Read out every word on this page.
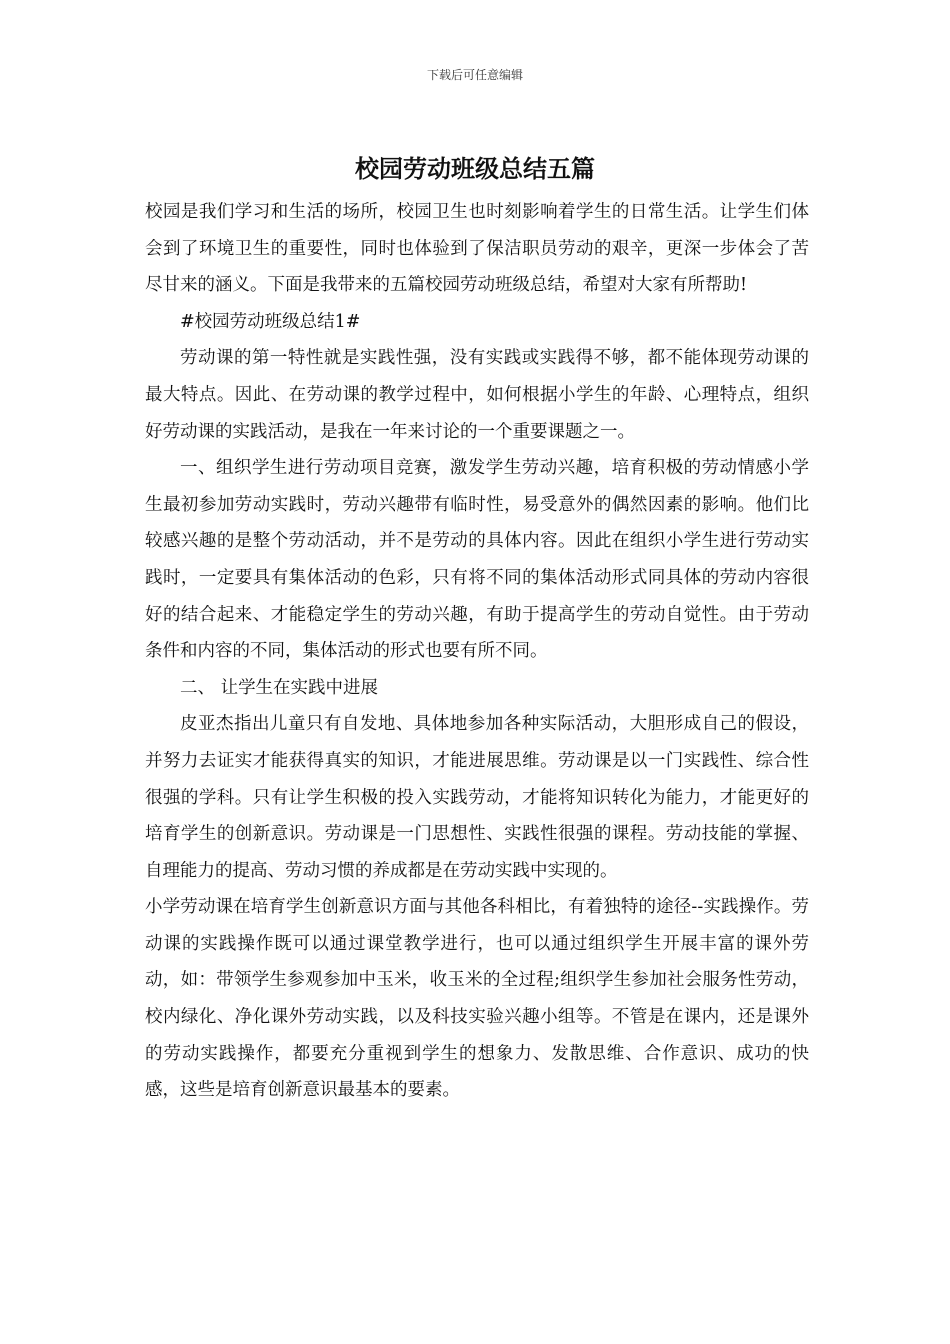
下载后可任意编辑
校园劳动班级总结五篇

校园是我们学习和生活的场所，校园卫生也时刻影响着学生的日常生活。让学生们体会到了环境卫生的重要性，同时也体验到了保洁职员劳动的艰辛，更深一步体会了苦尽甘来的涵义。下面是我带来的五篇校园劳动班级总结，希望对大家有所帮助!

#校园劳动班级总结1#

劳动课的第一特性就是实践性强，没有实践或实践得不够，都不能体现劳动课的最大特点。因此、在劳动课的教学过程中，如何根据小学生的年龄、心理特点，组织好劳动课的实践活动，是我在一年来讨论的一个重要课题之一。

一、组织学生进行劳动项目竞赛，激发学生劳动兴趣，培育积极的劳动情感小学生最初参加劳动实践时，劳动兴趣带有临时性，易受意外的偶然因素的影响。他们比较感兴趣的是整个劳动活动，并不是劳动的具体内容。因此在组织小学生进行劳动实践时，一定要具有集体活动的色彩，只有将不同的集体活动形式同具体的劳动内容很好的结合起来、才能稳定学生的劳动兴趣，有助于提高学生的劳动自觉性。由于劳动条件和内容的不同，集体活动的形式也要有所不同。

二、 让学生在实践中进展

皮亚杰指出儿童只有自发地、具体地参加各种实际活动，大胆形成自己的假设，并努力去证实才能获得真实的知识，才能进展思维。劳动课是以一门实践性、综合性很强的学科。只有让学生积极的投入实践劳动，才能将知识转化为能力，才能更好的培育学生的创新意识。劳动课是一门思想性、实践性很强的课程。劳动技能的掌握、自理能力的提高、劳动习惯的养成都是在劳动实践中实现的。

小学劳动课在培育学生创新意识方面与其他各科相比，有着独特的途径--实践操作。劳动课的实践操作既可以通过课堂教学进行，也可以通过组织学生开展丰富的课外劳动，如：带领学生参观参加中玉米，收玉米的全过程;组织学生参加社会服务性劳动，校内绿化、净化课外劳动实践，以及科技实验兴趣小组等。不管是在课内，还是课外的劳动实践操作，都要充分重视到学生的想象力、发散思维、合作意识、成功的快感，这些是培育创新意识最基本的要素。
